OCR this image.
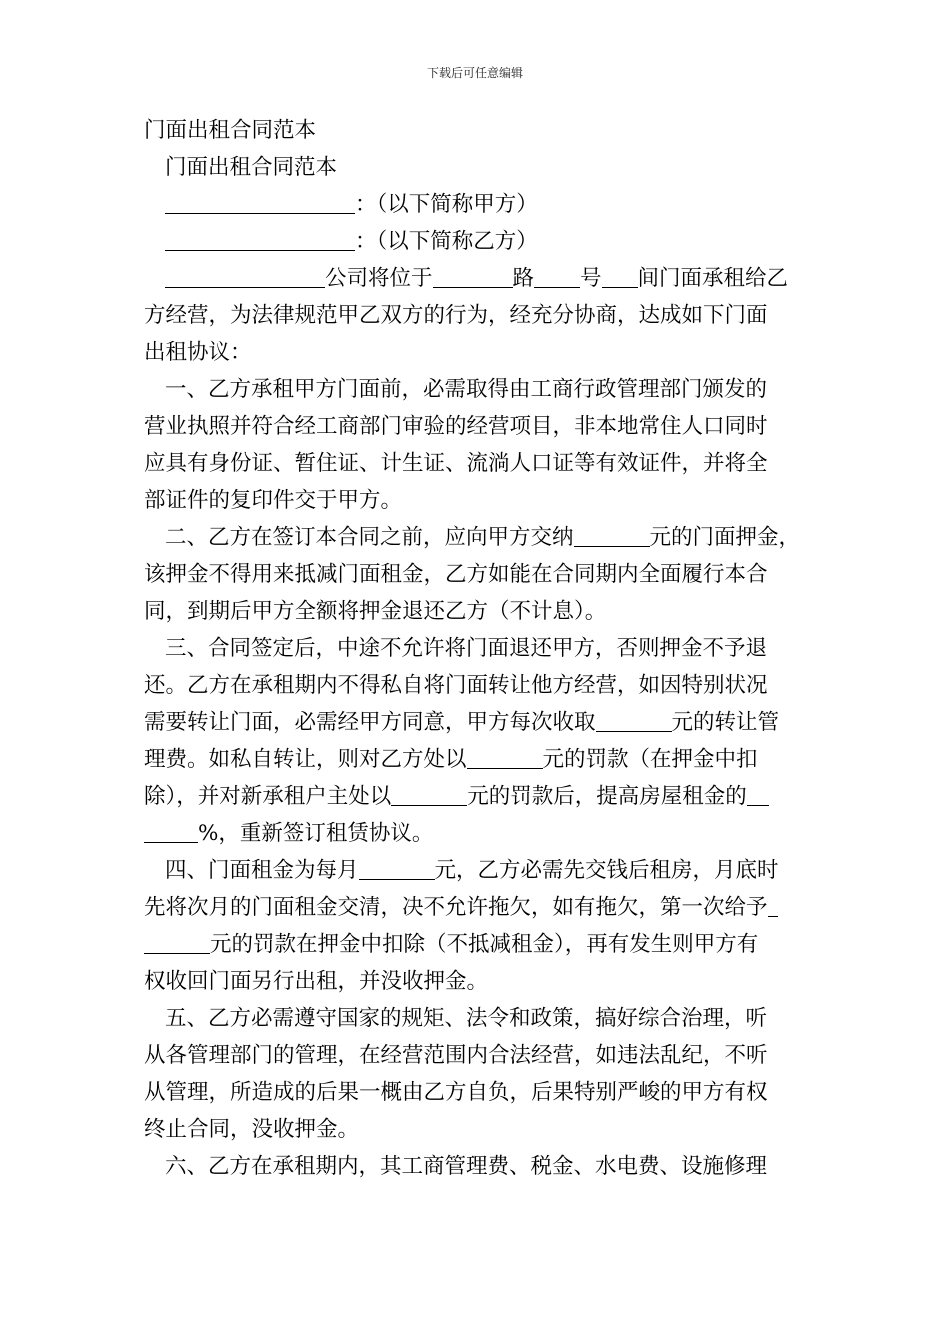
下载后可任意编辑
门面出租合同范本
门面出租合同范本
：（以下简称甲方）
：（以下简称乙方）
公司将位于	路 号 间门面承租给乙
方经营，为法律规范甲乙双方的行为，经充分协商，达成如下门面
出租协议：
一、乙方承租甲方门面前，必需取得由工商行政管理部门颁发的
营业执照并符合经工商部门审验的经营项目，非本地常住人口同时
应具有身份证、暂住证、计生证、流淌人口证等有效证件，并将全
部证件的复印件交于甲方。
二、乙方在签订本合同之前，应向甲方交纳	元的门面押金，
该押金不得用来抵减门面租金，乙方如能在合同期内全面履行本合
同，到期后甲方全额将押金退还乙方（不计息）。
三、合同签定后，中途不允许将门面退还甲方，否则押金不予退
还。乙方在承租期内不得私自将门面转让他方经营，如因特别状况
需要转让门面，必需经甲方同意，甲方每次收取	元的转让管
理费。如私自转让，则对乙方处以	元的罚款（在押金中扣
除），并对新承租户主处以	元的罚款后，提高房屋租金的
%，重新签订租赁协议。
四、门面租金为每月	元，乙方必需先交钱后租房，月底时
先将次月的门面租金交清，决不允许拖欠，如有拖欠，第一次给予
元的罚款在押金中扣除（不抵减租金），再有发生则甲方有
权收回门面另行出租，并没收押金。
五、乙方必需遵守国家的规矩、法令和政策，搞好综合治理，听
从各管理部门的管理，在经营范围内合法经营，如违法乱纪，不听
从管理，所造成的后果一概由乙方自负，后果特别严峻的甲方有权
终止合同，没收押金。
六、乙方在承租期内，其工商管理费、税金、水电费、设施修理
